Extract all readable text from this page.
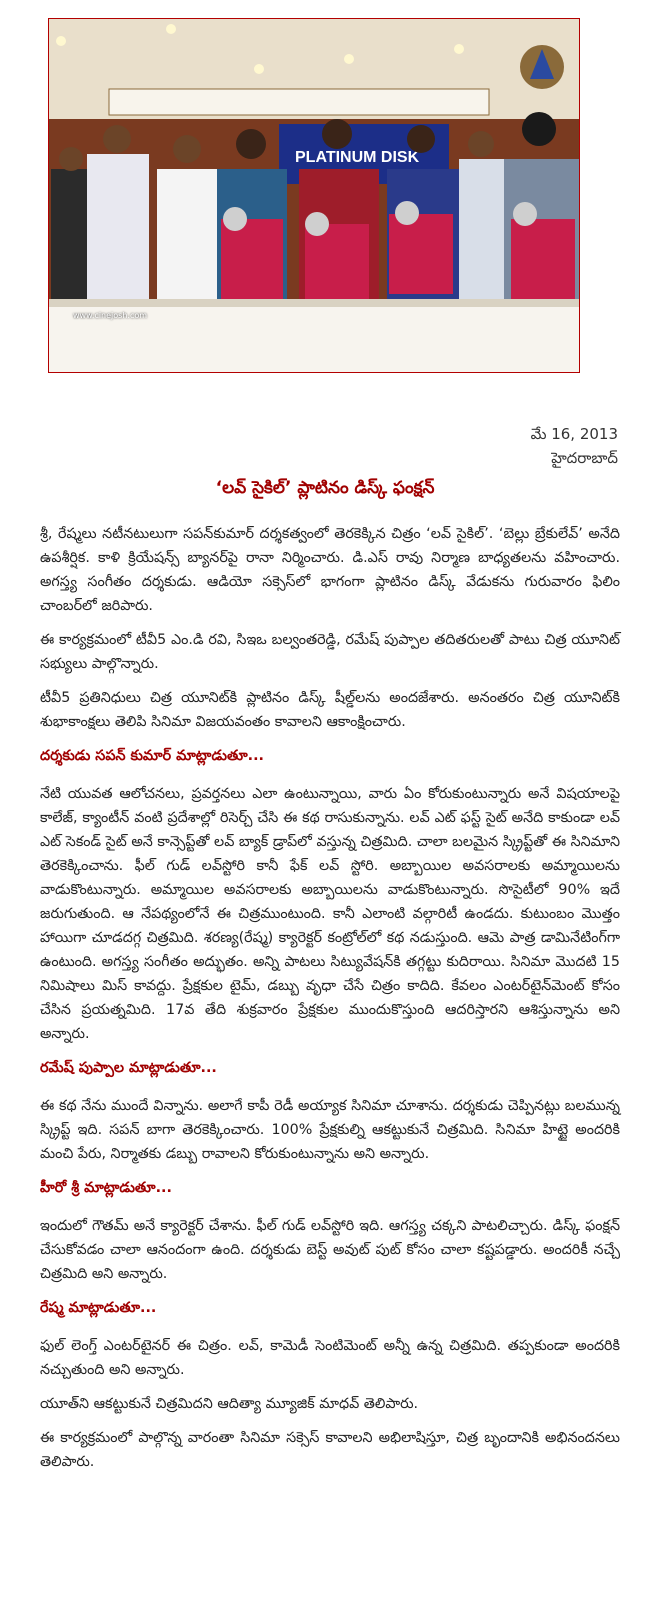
PLATINUM DISK
www.cinejosh.com
మే 16, 2013
హైదరాబాద్
‘లవ్ సైకిల్’ ప్లాటినం డిస్క్ ఫంక్షన్

శ్రీ, రేష్మలు నటీనటులుగా సపన్‌కుమార్ దర్శకత్వంలో తెరకెక్కిన చిత్రం ‘లవ్ సైకిల్’. ‘బెల్లు బ్రేకులేవ్’ అనేది ఉపశీర్షిక. కాళి క్రియేషన్స్ బ్యానర్‌పై రానా నిర్మించారు. డి.ఎస్ రావు నిర్మాణ బాధ్యతలను వహించారు. అగస్త్య సంగీతం దర్శకుడు. ఆడియో సక్సెస్‌లో భాగంగా ప్లాటినం డిస్క్ వేడుకను గురువారం ఫిలిం చాంబర్‌లో జరిపారు.

ఈ కార్యక్రమంలో టీవీ5 ఎం.డి రవి, సిఇఒ బల్వంతరెడ్డి, రమేష్ పుప్పాల తదితరులతో పాటు చిత్ర యూనిట్ సభ్యులు పాల్గొన్నారు.

టీవీ5 ప్రతినిధులు చిత్ర యూనిట్‌కి ప్లాటినం డిస్క్ షీల్డ్‌లను అందజేశారు. అనంతరం చిత్ర యూనిట్‌కి శుభాకాంక్షలు తెలిపి సినిమా విజయవంతం కావాలని ఆకాంక్షించారు.

దర్శకుడు సపన్ కుమార్ మాట్లాడుతూ...

నేటి యువత ఆలోచనలు, ప్రవర్తనలు ఎలా ఉంటున్నాయి, వారు ఏం కోరుకుంటున్నారు అనే విషయాలపై కాలేజ్, క్యాంటీన్ వంటి ప్రదేశాల్లో రిసెర్చ్ చేసి ఈ కథ రాసుకున్నాను. లవ్ ఎట్ ఫస్ట్ సైట్ అనేది కాకుండా లవ్ ఎట్ సెకండ్ సైట్ అనే కాన్సెప్ట్‌తో లవ్ బ్యాక్ డ్రాప్‌లో వస్తున్న చిత్రమిది. చాలా బలమైన స్క్రిప్ట్‌తో ఈ సినిమాని తెరకెక్కించాను. ఫీల్ గుడ్ లవ్‌స్టోరి కానీ ఫేక్ లవ్ స్టోరి. అబ్బాయిల అవసరాలకు అమ్మాయిలను వాడుకొంటున్నారు. అమ్మాయిల అవసరాలకు అబ్బాయిలను వాడుకొంటున్నారు. సొసైటీలో 90% ఇదే జరుగుతుంది. ఆ నేపథ్యంలోనే ఈ చిత్రముంటుంది. కానీ ఎలాంటి వల్గారిటీ ఉండదు. కుటుంబం మొత్తం హాయిగా చూడదగ్గ చిత్రమిది. శరణ్య(రేష్మ) క్యారెక్టర్ కంట్రోల్‌లో కథ నడుస్తుంది. ఆమె పాత్ర డామినేటింగ్‌గా ఉంటుంది. అగస్త్య సంగీతం అద్భుతం. అన్ని పాటలు సిట్యువేషన్‌కి తగ్గట్టు కుదిరాయి. సినిమా మొదటి 15 నిమిషాలు మిస్ కావద్దు. ప్రేక్షకుల టైమ్, డబ్బు వృధా చేసే చిత్రం కాదిది. కేవలం ఎంటర్‌టైన్‌మెంట్ కోసం చేసిన ప్రయత్నమిది. 17వ తేది శుక్రవారం ప్రేక్షకుల ముందుకొస్తుంది ఆదరిస్తారని ఆశిస్తున్నాను అని అన్నారు.

రమేష్ పుప్పాల మాట్లాడుతూ...

ఈ కథ నేను ముందే విన్నాను. అలాగే కాపీ రెడీ అయ్యాక సినిమా చూశాను. దర్శకుడు చెప్పినట్లు బలమున్న స్క్రిప్ట్ ఇది. సపన్ బాగా తెరకెక్కించారు. 100% ప్రేక్షకుల్ని ఆకట్టుకునే చిత్రమిది. సినిమా హిట్టై అందరికి మంచి పేరు, నిర్మాతకు డబ్బు రావాలని కోరుకుంటున్నాను అని అన్నారు.

హీరో శ్రీ మాట్లాడుతూ...

ఇందులో గౌతమ్ అనే క్యారెక్టర్ చేశాను. ఫీల్ గుడ్ లవ్‌స్టోరి ఇది. ఆగస్త్య చక్కని పాటలిచ్చారు. డిస్క్ ఫంక్షన్ చేసుకోవడం చాలా ఆనందంగా ఉంది. దర్శకుడు బెస్ట్ అవుట్ పుట్ కోసం చాలా కష్టపడ్డారు. అందరికీ నచ్చే చిత్రమిది అని అన్నారు.

రేష్మ మాట్లాడుతూ...

ఫుల్ లెంగ్త్ ఎంటర్‌టైనర్ ఈ చిత్రం. లవ్, కామెడీ సెంటిమెంట్ అన్నీ ఉన్న చిత్రమిది. తప్పకుండా అందరికి నచ్చుతుంది అని అన్నారు.

యూత్‌ని ఆకట్టుకునే చిత్రమిదని ఆదిత్యా మ్యూజిక్ మాధవ్ తెలిపారు.

ఈ కార్యక్రమంలో పాల్గొన్న వారంతా సినిమా సక్సెస్ కావాలని అభిలాషిస్తూ, చిత్ర బృందానికి అభినందనలు తెలిపారు.
